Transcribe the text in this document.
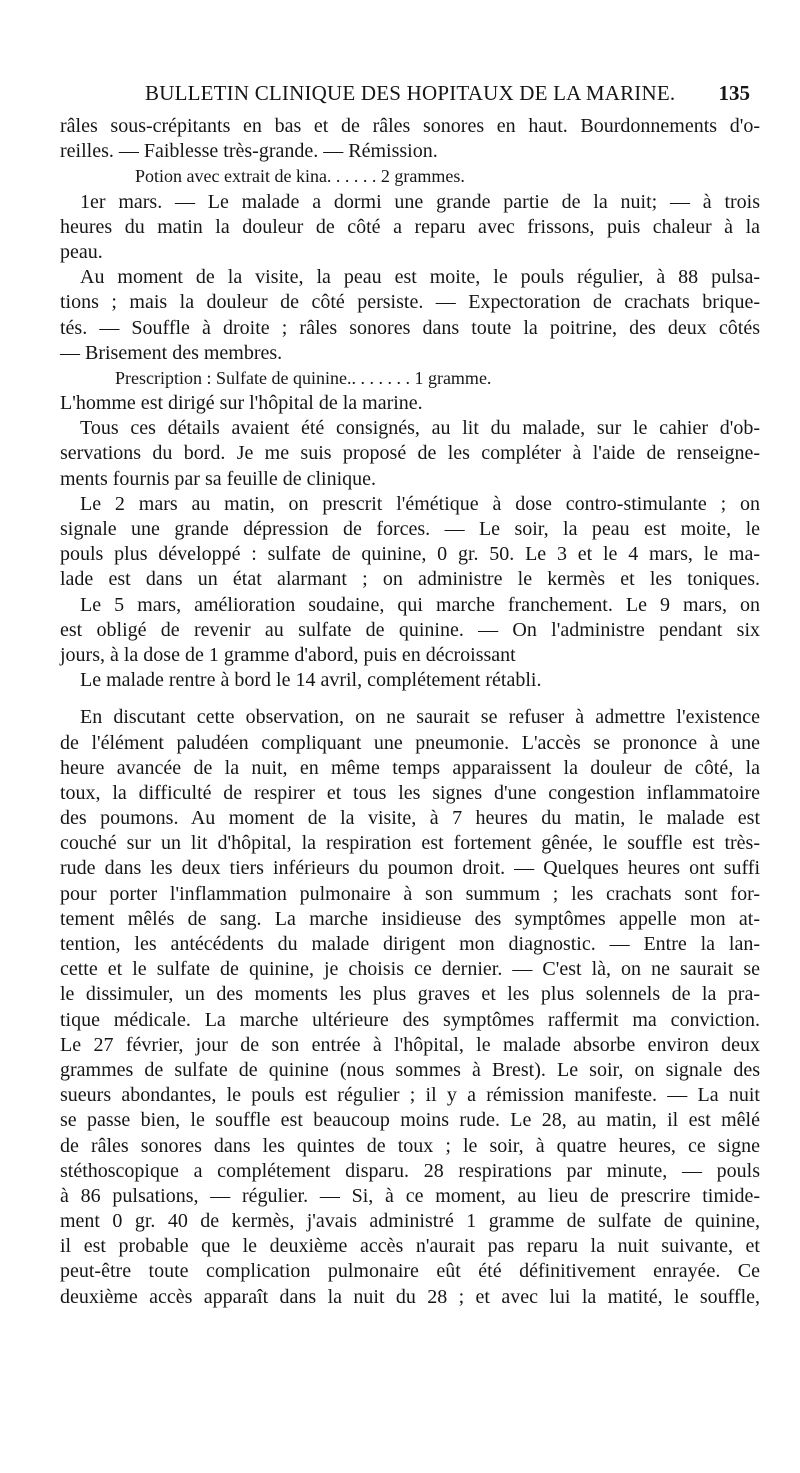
BULLETIN CLINIQUE DES HOPITAUX DE LA MARINE. 135
râles sous-crépitants en bas et de râles sonores en haut. Bourdonnements d'o-
reilles. — Faiblesse très-grande. — Rémission.
Potion avec extrait de kina. . . . . . 2 grammes.
1er mars. — Le malade a dormi une grande partie de la nuit; — à trois
heures du matin la douleur de côté a reparu avec frissons, puis chaleur à la
peau.
Au moment de la visite, la peau est moite, le pouls régulier, à 88 pulsa-
tions ; mais la douleur de côté persiste. — Expectoration de crachats brique-
tés. — Souffle à droite ; râles sonores dans toute la poitrine, des deux côtés
— Brisement des membres.
Prescription : Sulfate de quinine.. . . . . . . 1 gramme.
L'homme est dirigé sur l'hôpital de la marine.
Tous ces détails avaient été consignés, au lit du malade, sur le cahier d'ob-
servations du bord. Je me suis proposé de les compléter à l'aide de renseigne-
ments fournis par sa feuille de clinique.
Le 2 mars au matin, on prescrit l'émétique à dose contro-stimulante ; on
signale une grande dépression de forces. — Le soir, la peau est moite, le
pouls plus développé : sulfate de quinine, 0 gr. 50. Le 3 et le 4 mars, le ma-
lade est dans un état alarmant ; on administre le kermès et les toniques.
Le 5 mars, amélioration soudaine, qui marche franchement. Le 9 mars, on
est obligé de revenir au sulfate de quinine. — On l'administre pendant six
jours, à la dose de 1 gramme d'abord, puis en décroissant
Le malade rentre à bord le 14 avril, complétement rétabli.
En discutant cette observation, on ne saurait se refuser à admettre l'existence
de l'élément paludéen compliquant une pneumonie. L'accès se prononce à une
heure avancée de la nuit, en même temps apparaissent la douleur de côté, la
toux, la difficulté de respirer et tous les signes d'une congestion inflammatoire
des poumons. Au moment de la visite, à 7 heures du matin, le malade est
couché sur un lit d'hôpital, la respiration est fortement gênée, le souffle est très-
rude dans les deux tiers inférieurs du poumon droit. — Quelques heures ont suffi
pour porter l'inflammation pulmonaire à son summum ; les crachats sont for-
tement mêlés de sang. La marche insidieuse des symptômes appelle mon at-
tention, les antécédents du malade dirigent mon diagnostic. — Entre la lan-
cette et le sulfate de quinine, je choisis ce dernier. — C'est là, on ne saurait se
le dissimuler, un des moments les plus graves et les plus solennels de la pra-
tique médicale. La marche ultérieure des symptômes raffermit ma conviction.
Le 27 février, jour de son entrée à l'hôpital, le malade absorbe environ deux
grammes de sulfate de quinine (nous sommes à Brest). Le soir, on signale des
sueurs abondantes, le pouls est régulier ; il y a rémission manifeste. — La nuit
se passe bien, le souffle est beaucoup moins rude. Le 28, au matin, il est mêlé
de râles sonores dans les quintes de toux ; le soir, à quatre heures, ce signe
stéthoscopique a complétement disparu. 28 respirations par minute, — pouls
à 86 pulsations, — régulier. — Si, à ce moment, au lieu de prescrire timide-
ment 0 gr. 40 de kermès, j'avais administré 1 gramme de sulfate de quinine,
il est probable que le deuxième accès n'aurait pas reparu la nuit suivante, et
peut-être toute complication pulmonaire eût été définitivement enrayée. Ce
deuxième accès apparaît dans la nuit du 28 ; et avec lui la matité, le souffle,
